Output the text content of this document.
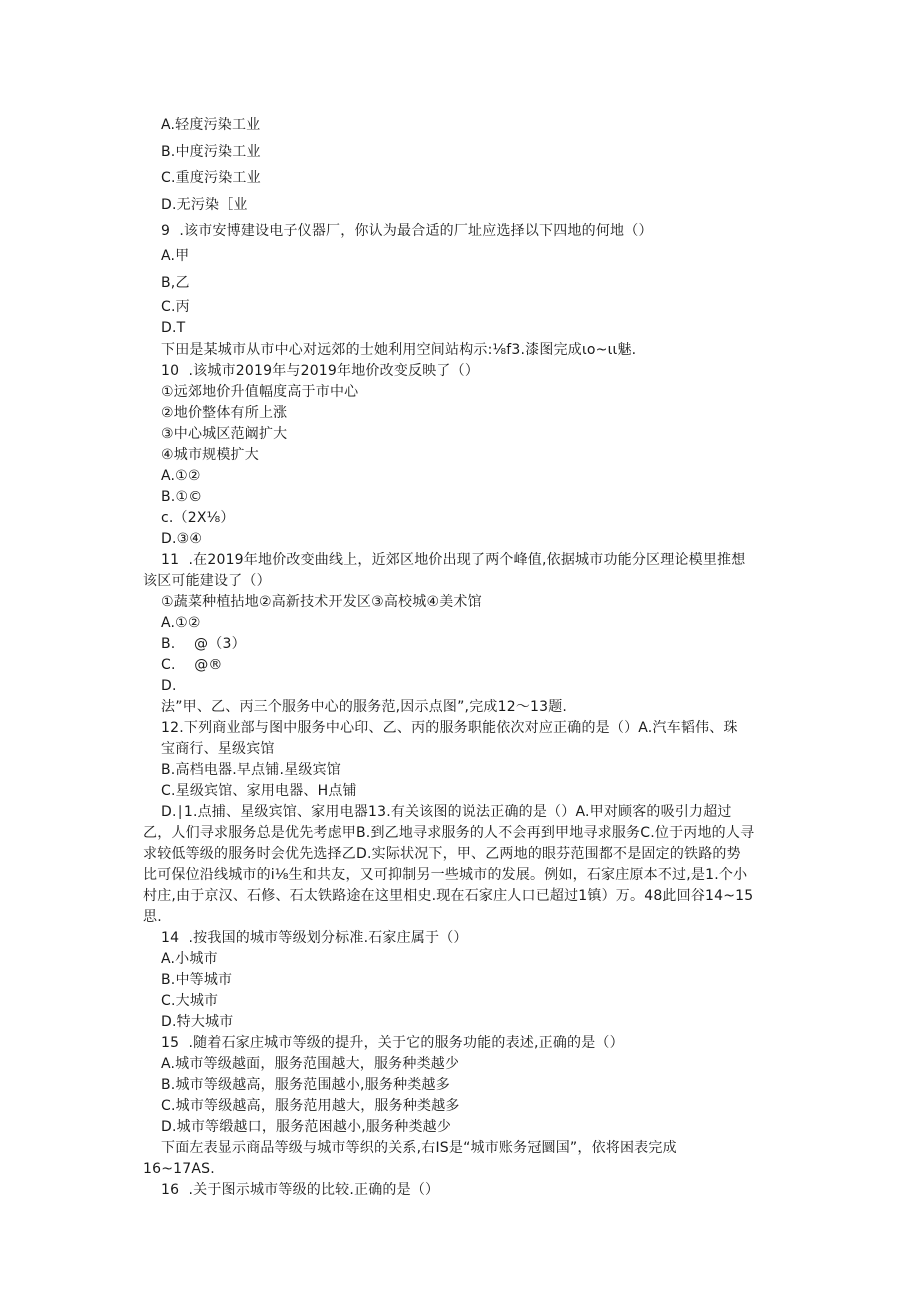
A.轻度污染工业

B.中度污染工业

C.重度污染工业

D.无污染［业

9  .该市安博建设电子仪器厂，你认为最合适的厂址应选择以下四地的何地（）

A.甲

B,乙

C.丙

D.T

下田是某城市从市中心对远郊的士她利用空间站构示:⅛f3.漆图完成ιo~ιι魅.

10  .该城市2019年与2019年地价改变反映了（）

①远郊地价升值幅度高于市中心

②地价整体有所上涨

③中心城区范阚扩大

④城市规模扩大

A.①②

B.①©

c.（2X⅛）

D.③④

11  .在2019年地价改变曲线上，近郊区地价出现了两个峰值,依据城市功能分区理论模里推想

该区可能建设了（）

①蔬菜种植拈地②高新技术开发区③高校城④美术馆

A.①②

B.    @（3）

C.    @®

D.

法”甲、乙、丙三个服务中心的服务范,因示点图”,完成12〜13题.

12.下列商业部与图中服务中心印、乙、丙的服务职能依次对应正确的是（）A.汽车韬伟、珠

宝商行、星级宾馆

B.高档电器.早点铺.星级宾馆

C.星级宾馆、家用电器、H点铺

D.∣1.点捕、星级宾馆、家用电器13.有关该图的说法正确的是（）A.甲对顾客的吸引力超过

乙，人们寻求服务总是优先考虑甲B.到乙地寻求服务的人不会再到甲地寻求服务C.位于丙地的人寻

求较低等级的服务时会优先选择乙D.实际状况下，甲、乙两地的眼芬范围都不是固定的铁路的势

比可保位沿线城市的i⅛生和共友，又可抑制另一些城市的发展。例如，石家庄原本不过,是1.个小

村庄,由于京汉、石修、石太铁路途在这里相史.现在石家庄人口已超过1镇）万。48此回谷14~15

思.

14  .按我国的城市等级划分标准.石家庄属于（）

A.小城市

B.中等城市

C.大城市

D.特大城市

15  .随着石家庄城市等级的提升，关于它的服务功能的表述,正确的是（）

A.城市等级越面，服务范围越大，服务种类越少

B.城市等级越高，服务范围越小,服务种类越多

C.城市等级越高，服务范用越大，服务种类越多

D.城市等缎越口，服务范困越小,服务种类越少

下面左表显示商品等级与城市等织的关系,右IS是“城市账务冠圜国”，依将困表完成

16~17AS.

16  .关于图示城市等级的比较.正确的是（）
